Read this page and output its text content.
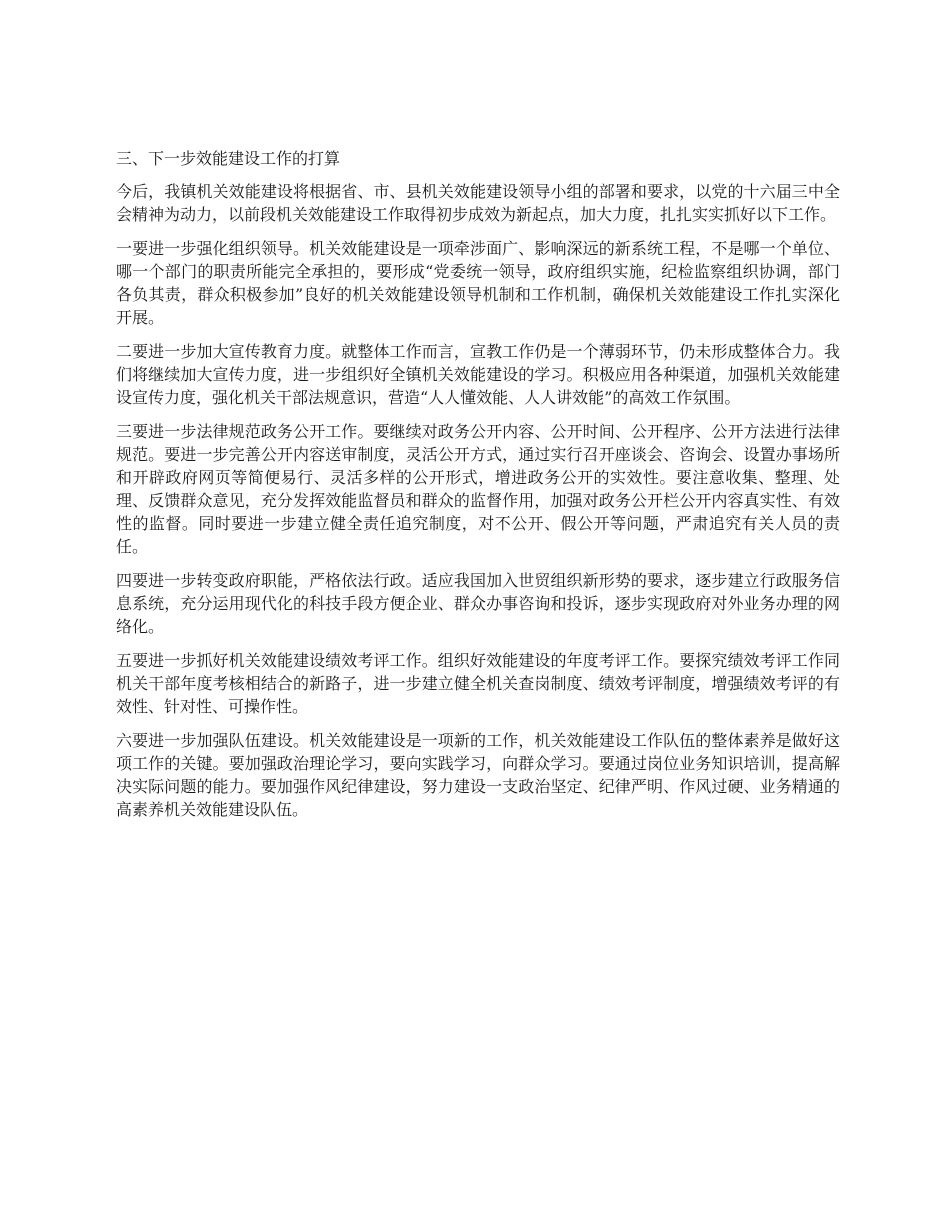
三、下一步效能建设工作的打算

今后，我镇机关效能建设将根据省、市、县机关效能建设领导小组的部署和要求，以党的十六届三中全会精神为动力，以前段机关效能建设工作取得初步成效为新起点，加大力度，扎扎实实抓好以下工作。

一要进一步强化组织领导。机关效能建设是一项牵涉面广、影响深远的新系统工程，不是哪一个单位、哪一个部门的职责所能完全承担的，要形成“党委统一领导，政府组织实施，纪检监察组织协调，部门各负其责，群众积极参加”良好的机关效能建设领导机制和工作机制，确保机关效能建设工作扎实深化开展。

二要进一步加大宣传教育力度。就整体工作而言，宣教工作仍是一个薄弱环节，仍未形成整体合力。我们将继续加大宣传力度，进一步组织好全镇机关效能建设的学习。积极应用各种渠道，加强机关效能建设宣传力度，强化机关干部法规意识，营造“人人懂效能、人人讲效能”的高效工作氛围。

三要进一步法律规范政务公开工作。要继续对政务公开内容、公开时间、公开程序、公开方法进行法律规范。要进一步完善公开内容送审制度，灵活公开方式，通过实行召开座谈会、咨询会、设置办事场所和开辟政府网页等简便易行、灵活多样的公开形式，增进政务公开的实效性。要注意收集、整理、处理、反馈群众意见，充分发挥效能监督员和群众的监督作用，加强对政务公开栏公开内容真实性、有效性的监督。同时要进一步建立健全责任追究制度，对不公开、假公开等问题，严肃追究有关人员的责任。

四要进一步转变政府职能，严格依法行政。适应我国加入世贸组织新形势的要求，逐步建立行政服务信息系统，充分运用现代化的科技手段方便企业、群众办事咨询和投诉，逐步实现政府对外业务办理的网络化。

五要进一步抓好机关效能建设绩效考评工作。组织好效能建设的年度考评工作。要探究绩效考评工作同机关干部年度考核相结合的新路子，进一步建立健全机关查岗制度、绩效考评制度，增强绩效考评的有效性、针对性、可操作性。

六要进一步加强队伍建设。机关效能建设是一项新的工作，机关效能建设工作队伍的整体素养是做好这项工作的关键。要加强政治理论学习，要向实践学习，向群众学习。要通过岗位业务知识培训，提高解决实际问题的能力。要加强作风纪律建设，努力建设一支政治坚定、纪律严明、作风过硬、业务精通的高素养机关效能建设队伍。
